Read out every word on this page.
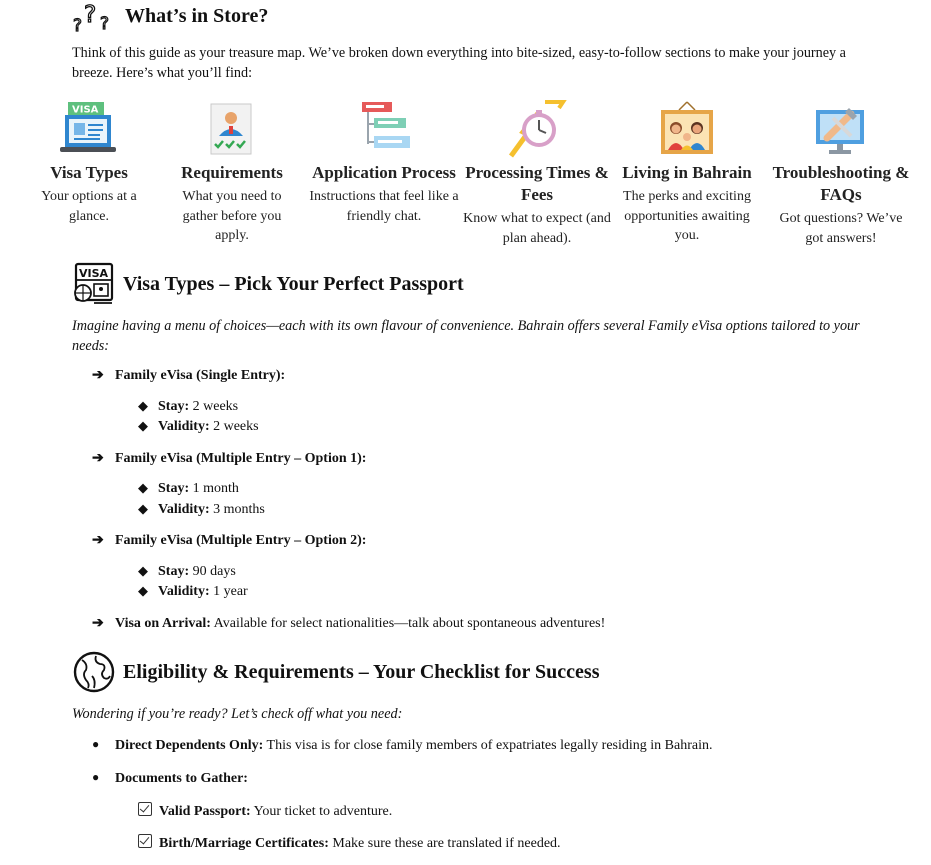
? ? ? What’s in Store?

Think of this guide as your treasure map. We’ve broken down everything into bite-sized, easy-to-follow sections to make your journey a breeze. Here’s what you’ll find:

VISA
Visa Types

Your options at a glance.

Requirements

What you need to gather before you apply.

Application Process

Instructions that feel like a friendly chat.

Processing Times & Fees

Know what to expect (and plan ahead).

Living in Bahrain

The perks and exciting opportunities awaiting you.

Troubleshooting & FAQs

Got questions? We’ve got answers!

VISA Visa Types – Pick Your Perfect Passport

Imagine having a menu of choices—each with its own flavour of convenience. Bahrain offers several Family eVisa options tailored to your needs:

➔ Family eVisa (Single Entry):
◆ Stay: 2 weeks
◆ Validity: 2 weeks
➔ Family eVisa (Multiple Entry – Option 1):
◆ Stay: 1 month
◆ Validity: 3 months
➔ Family eVisa (Multiple Entry – Option 2):
◆ Stay: 90 days
◆ Validity: 1 year
➔ Visa on Arrival: Available for select nationalities—talk about spontaneous adventures!
Eligibility & Requirements – Your Checklist for Success

Wondering if you’re ready? Let’s check off what you need:

● Direct Dependents Only: This visa is for close family members of expatriates legally residing in Bahrain.
● Documents to Gather:
Valid Passport: Your ticket to adventure.
Birth/Marriage Certificates: Make sure these are translated if needed.
